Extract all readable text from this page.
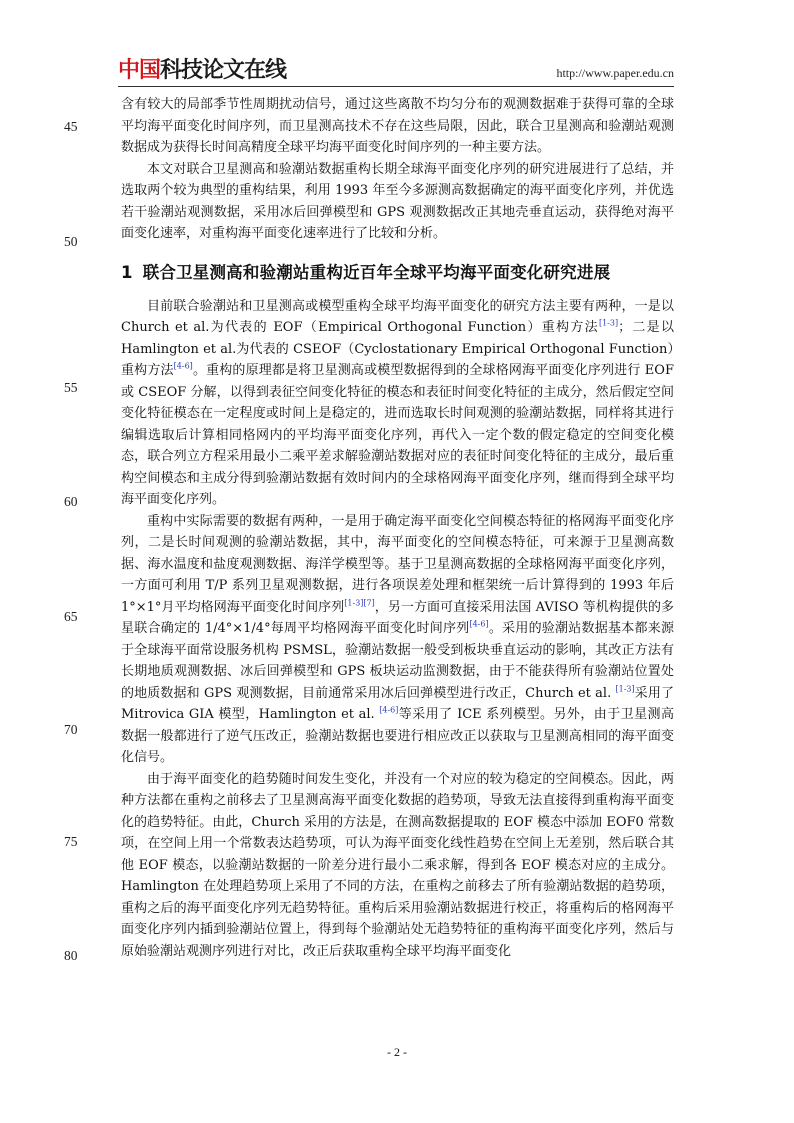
中国科技论文在线	http://www.paper.edu.cn
45
50
55
60
65
70
75
80

含有较大的局部季节性周期扰动信号，通过这些离散不均匀分布的观测数据难于获得可靠的全球平均海平面变化时间序列，而卫星测高技术不存在这些局限，因此，联合卫星测高和验潮站观测数据成为获得长时间高精度全球平均海平面变化时间序列的一种主要方法。

本文对联合卫星测高和验潮站数据重构长期全球海平面变化序列的研究进展进行了总结，并选取两个较为典型的重构结果，利用 1993 年至今多源测高数据确定的海平面变化序列，并优选若干验潮站观测数据，采用冰后回弹模型和 GPS 观测数据改正其地壳垂直运动，获得绝对海平面变化速率，对重构海平面变化速率进行了比较和分析。

1 联合卫星测高和验潮站重构近百年全球平均海平面变化研究进展

目前联合验潮站和卫星测高或模型重构全球平均海平面变化的研究方法主要有两种，一是以 Church et al.为代表的 EOF（Empirical Orthogonal Function）重构方法[1-3]；二是以 Hamlington et al.为代表的 CSEOF（Cyclostationary Empirical Orthogonal Function）重构方法[4-6]。重构的原理都是将卫星测高或模型数据得到的全球格网海平面变化序列进行 EOF 或 CSEOF 分解，以得到表征空间变化特征的模态和表征时间变化特征的主成分，然后假定空间变化特征模态在一定程度或时间上是稳定的，进而选取长时间观测的验潮站数据，同样将其进行编辑选取后计算相同格网内的平均海平面变化序列，再代入一定个数的假定稳定的空间变化模态，联合列立方程采用最小二乘平差求解验潮站数据对应的表征时间变化特征的主成分，最后重构空间模态和主成分得到验潮站数据有效时间内的全球格网海平面变化序列，继而得到全球平均海平面变化序列。

重构中实际需要的数据有两种，一是用于确定海平面变化空间模态特征的格网海平面变化序列，二是长时间观测的验潮站数据，其中，海平面变化的空间模态特征，可来源于卫星测高数据、海水温度和盐度观测数据、海洋学模型等。基于卫星测高数据的全球格网海平面变化序列，一方面可利用 T/P 系列卫星观测数据，进行各项误差处理和框架统一后计算得到的 1993 年后 1°×1°月平均格网海平面变化时间序列[1-3][7]，另一方面可直接采用法国 AVISO 等机构提供的多星联合确定的 1/4°×1/4°每周平均格网海平面变化时间序列[4-6]。采用的验潮站数据基本都来源于全球海平面常设服务机构 PSMSL，验潮站数据一般受到板块垂直运动的影响，其改正方法有长期地质观测数据、冰后回弹模型和 GPS 板块运动监测数据，由于不能获得所有验潮站位置处的地质数据和 GPS 观测数据，目前通常采用冰后回弹模型进行改正，Church et al. [1-3]采用了 Mitrovica GIA 模型，Hamlington et al. [4-6]等采用了 ICE 系列模型。另外，由于卫星测高数据一般都进行了逆气压改正，验潮站数据也要进行相应改正以获取与卫星测高相同的海平面变化信号。

由于海平面变化的趋势随时间发生变化，并没有一个对应的较为稳定的空间模态。因此，两种方法都在重构之前移去了卫星测高海平面变化数据的趋势项，导致无法直接得到重构海平面变化的趋势特征。由此，Church 采用的方法是，在测高数据提取的 EOF 模态中添加 EOF0 常数项，在空间上用一个常数表达趋势项，可认为海平面变化线性趋势在空间上无差别，然后联合其他 EOF 模态，以验潮站数据的一阶差分进行最小二乘求解，得到各 EOF 模态对应的主成分。Hamlington 在处理趋势项上采用了不同的方法，在重构之前移去了所有验潮站数据的趋势项，重构之后的海平面变化序列无趋势特征。重构后采用验潮站数据进行校正，将重构后的格网海平面变化序列内插到验潮站位置上，得到每个验潮站处无趋势特征的重构海平面变化序列，然后与原始验潮站观测序列进行对比，改正后获取重构全球平均海平面变化

- 2 -
